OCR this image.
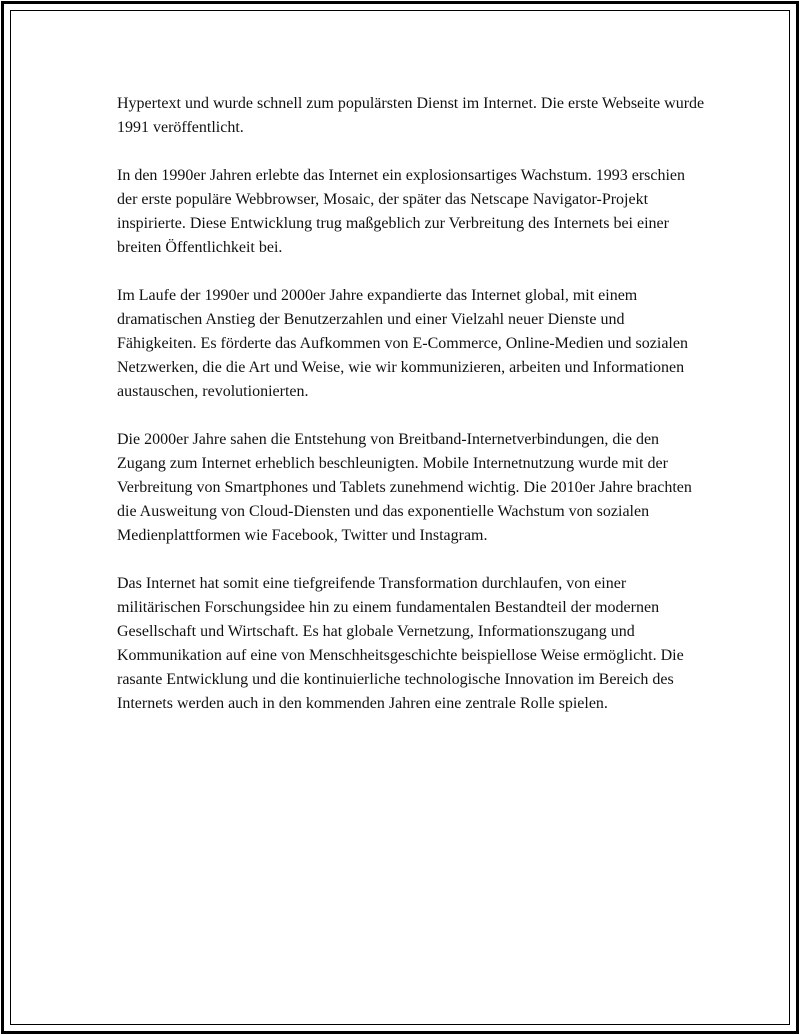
Hypertext und wurde schnell zum populärsten Dienst im Internet. Die erste Webseite wurde 1991 veröffentlicht.

In den 1990er Jahren erlebte das Internet ein explosionsartiges Wachstum. 1993 erschien der erste populäre Webbrowser, Mosaic, der später das Netscape Navigator-Projekt inspirierte. Diese Entwicklung trug maßgeblich zur Verbreitung des Internets bei einer breiten Öffentlichkeit bei.

Im Laufe der 1990er und 2000er Jahre expandierte das Internet global, mit einem dramatischen Anstieg der Benutzerzahlen und einer Vielzahl neuer Dienste und Fähigkeiten. Es förderte das Aufkommen von E-Commerce, Online-Medien und sozialen Netzwerken, die die Art und Weise, wie wir kommunizieren, arbeiten und Informationen austauschen, revolutionierten.

Die 2000er Jahre sahen die Entstehung von Breitband-Internetverbindungen, die den Zugang zum Internet erheblich beschleunigten. Mobile Internetnutzung wurde mit der Verbreitung von Smartphones und Tablets zunehmend wichtig. Die 2010er Jahre brachten die Ausweitung von Cloud-Diensten und das exponentielle Wachstum von sozialen Medienplattformen wie Facebook, Twitter und Instagram.

Das Internet hat somit eine tiefgreifende Transformation durchlaufen, von einer militärischen Forschungsidee hin zu einem fundamentalen Bestandteil der modernen Gesellschaft und Wirtschaft. Es hat globale Vernetzung, Informationszugang und Kommunikation auf eine von Menschheitsgeschichte beispiellose Weise ermöglicht. Die rasante Entwicklung und die kontinuierliche technologische Innovation im Bereich des Internets werden auch in den kommenden Jahren eine zentrale Rolle spielen.
